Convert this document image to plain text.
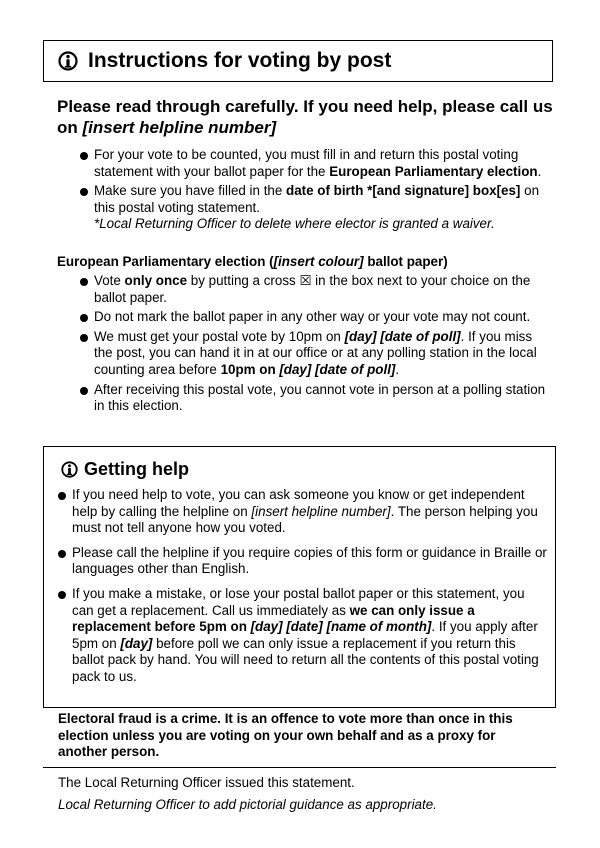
Instructions for voting by post
Please read through carefully. If you need help, please call us on [insert helpline number]
For your vote to be counted, you must fill in and return this postal voting statement with your ballot paper for the European Parliamentary election.
Make sure you have filled in the date of birth *[and signature] box[es] on this postal voting statement.
*Local Returning Officer to delete where elector is granted a waiver.
European Parliamentary election ([insert colour] ballot paper)
Vote only once by putting a cross ☒ in the box next to your choice on the ballot paper.
Do not mark the ballot paper in any other way or your vote may not count.
We must get your postal vote by 10pm on [day] [date of poll]. If you miss the post, you can hand it in at our office or at any polling station in the local counting area before 10pm on [day] [date of poll].
After receiving this postal vote, you cannot vote in person at a polling station in this election.
Getting help
If you need help to vote, you can ask someone you know or get independent help by calling the helpline on [insert helpline number]. The person helping you must not tell anyone how you voted.
Please call the helpline if you require copies of this form or guidance in Braille or languages other than English.
If you make a mistake, or lose your postal ballot paper or this statement, you can get a replacement. Call us immediately as we can only issue a replacement before 5pm on [day] [date] [name of month]. If you apply after 5pm on [day] before poll we can only issue a replacement if you return this ballot pack by hand. You will need to return all the contents of this postal voting pack to us.
Electoral fraud is a crime. It is an offence to vote more than once in this election unless you are voting on your own behalf and as a proxy for another person.
The Local Returning Officer issued this statement.
Local Returning Officer to add pictorial guidance as appropriate.
